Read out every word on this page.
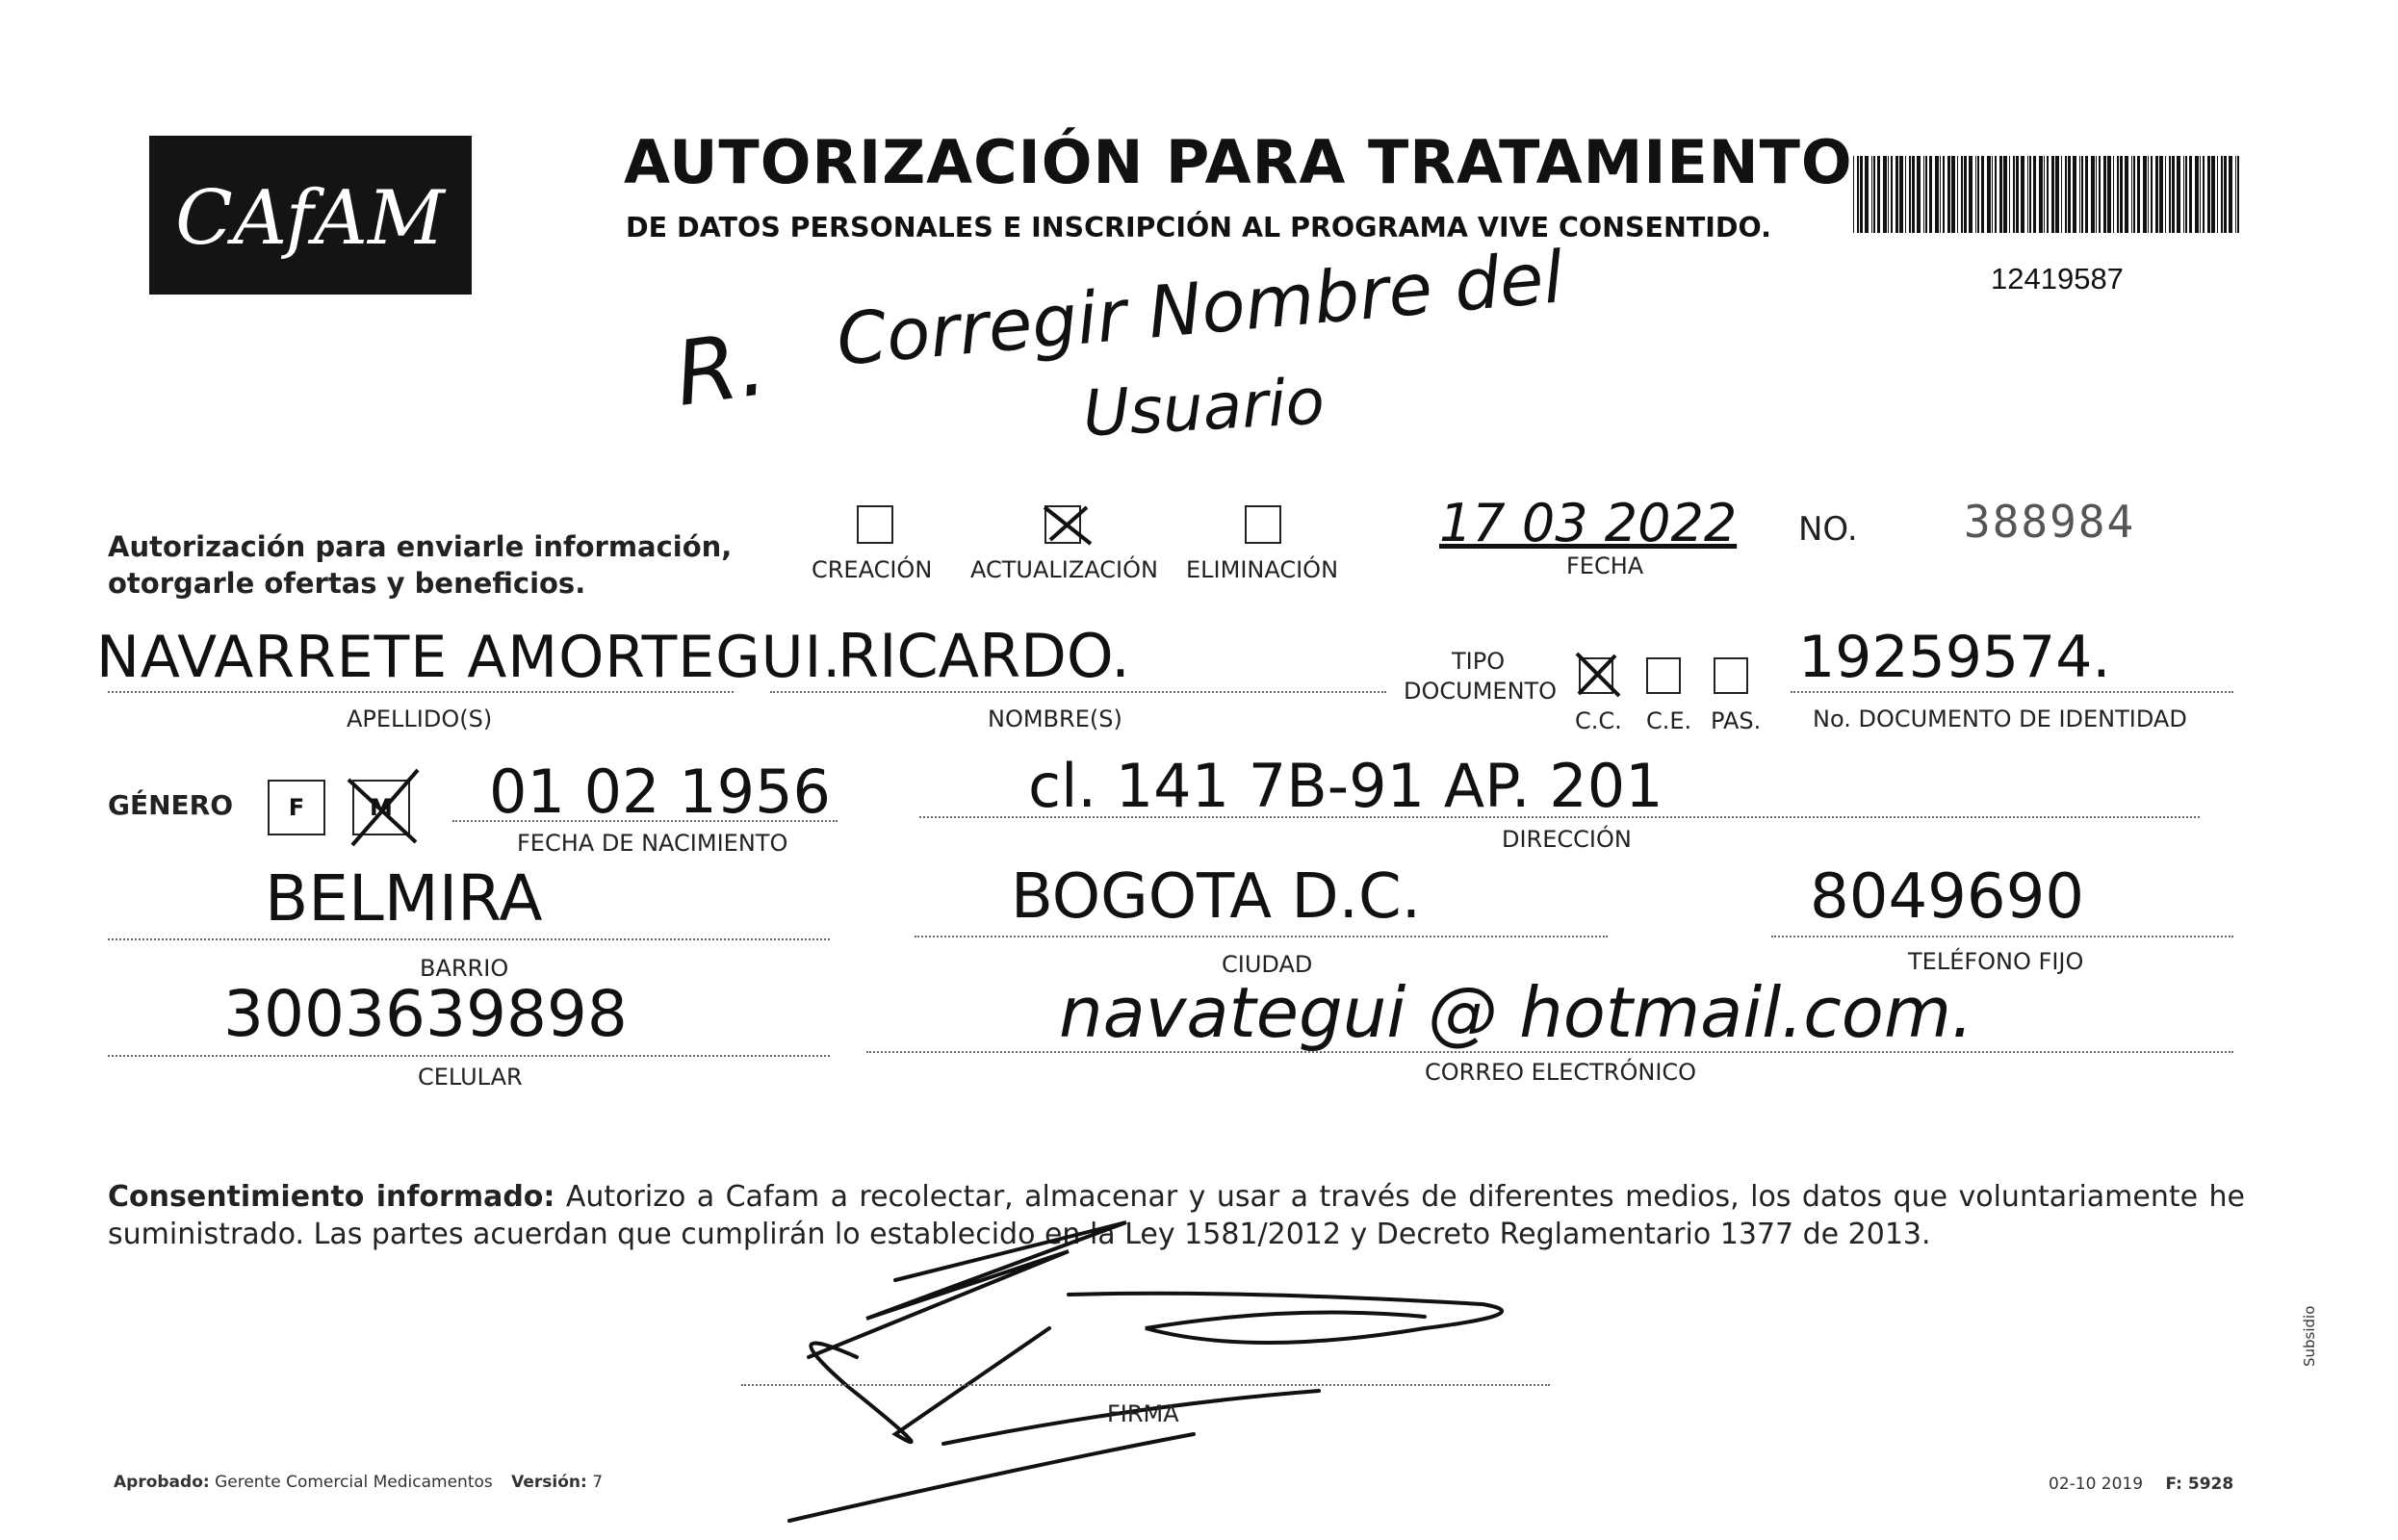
CAfAM
AUTORIZACIÓN PARA TRATAMIENTO
DE DATOS PERSONALES E INSCRIPCIÓN AL PROGRAMA VIVE CONSENTIDO.
12419587
R. Corregir Nombre del
Usuario
Autorización para enviarle información,
otorgarle ofertas y beneficios.	CREACIÓN ACTUALIZACIÓN ELIMINACIÓN
17 03 2022
FECHA
NO. 388984
NAVARRETE AMORTEGUI.
APELLIDO(S)
RICARDO.
NOMBRE(S)
TIPO
DOCUMENTO
C.C. C.E. PAS.
19259574.
No. DOCUMENTO DE IDENTIDAD
GÉNERO	F	M 01 02 1956
FECHA DE NACIMIENTO
cl. 141 7B-91 AP. 201
DIRECCIÓN
BELMIRA
BARRIO
BOGOTA D.C.
CIUDAD
8049690
TELÉFONO FIJO
3003639898
CELULAR
navategui @ hotmail.com.
CORREO ELECTRÓNICO
Consentimiento informado: Autorizo a Cafam a recolectar, almacenar y usar a través de diferentes medios, los datos que voluntariamente he suministrado. Las partes acuerdan que cumplirán lo establecido en la Ley 1581/2012 y Decreto Reglamentario 1377 de 2013.
FIRMA
Aprobado: Gerente Comercial Medicamentos Versión: 7	02-10 2019 F: 5928
Subsidio
